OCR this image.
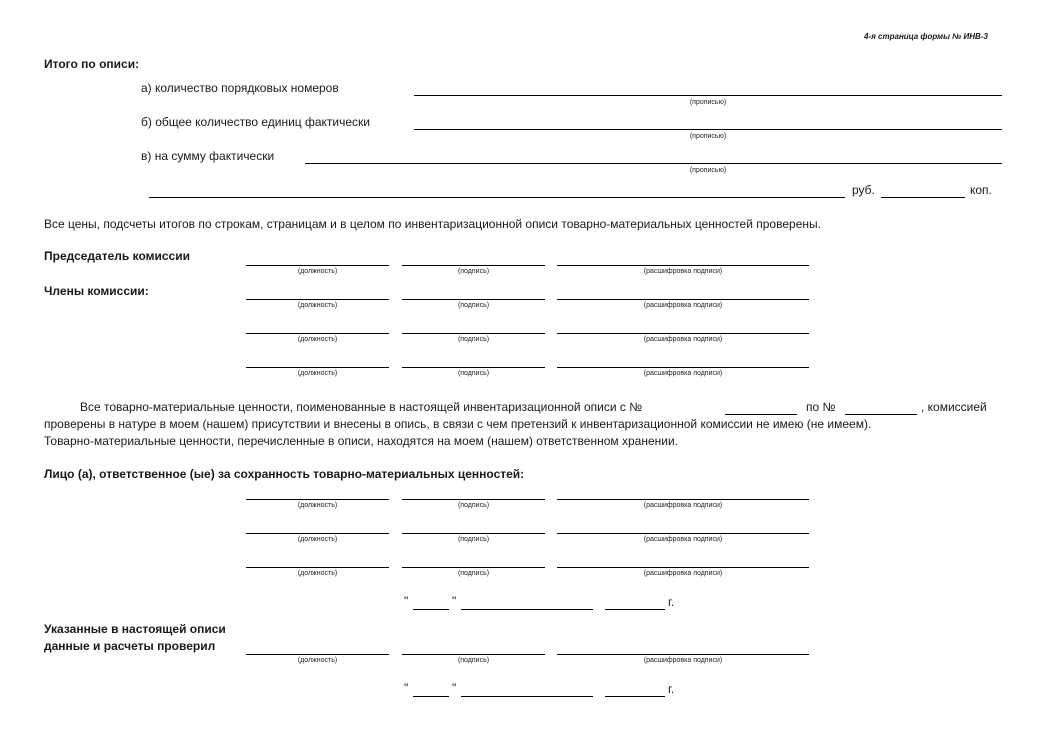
4-я страница формы № ИНВ-3
Итого по описи:
а) количество порядковых номеров
(прописью)
б) общее количество единиц фактически
(прописью)
в) на сумму фактически
(прописью)
руб.	коп.
Все цены, подсчеты итогов по строкам, страницам и в целом по инвентаризационной описи товарно-материальных ценностей проверены.
Председатель комиссии
(должность)	(подпись)	(расшифровка подписи)
Члены комиссии:
(должность)	(подпись)	(расшифровка подписи)
(должность)	(подпись)	(расшифровка подписи)
(должность)	(подпись)	(расшифровка подписи)
Все товарно-материальные ценности, поименованные в настоящей инвентаризационной описи с №	по №	, комиссией
проверены в натуре в моем (нашем) присутствии и внесены в опись, в связи с чем претензий к инвентаризационной комиссии не имею (не имеем).
Товарно-материальные ценности, перечисленные в описи, находятся на моем (нашем) ответственном хранении.
Лицо (а), ответственное (ые) за сохранность товарно-материальных ценностей:
(должность)	(подпись)	(расшифровка подписи)
(должность)	(подпись)	(расшифровка подписи)
(должность)	(подпись)	(расшифровка подписи)
"	"	г.
Указанные в настоящей описи
данные и расчеты проверил
(должность)	(подпись)	(расшифровка подписи)
"	"	г.
